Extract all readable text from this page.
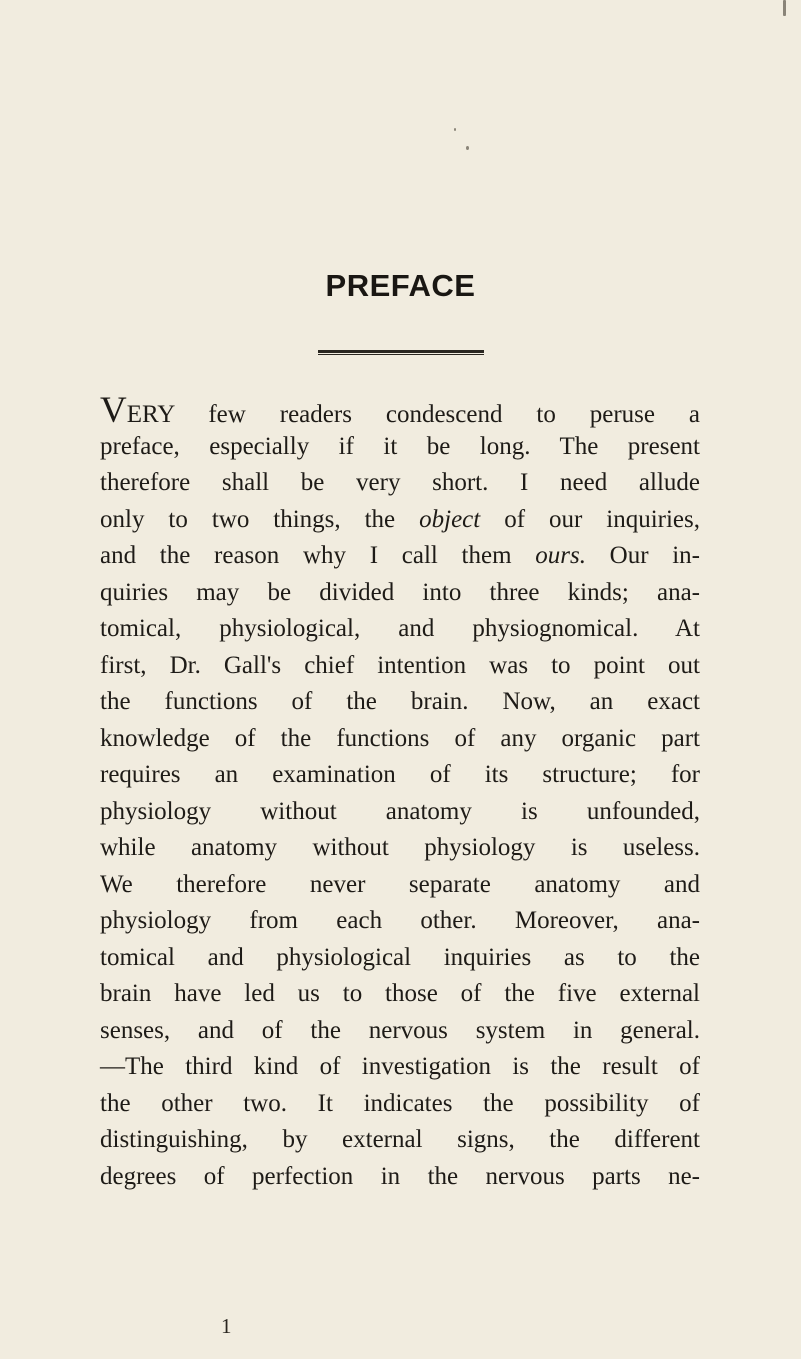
PREFACE
VERY few readers condescend to peruse a
preface, especially if it be long. The present
therefore shall be very short. I need allude
only to two things, the object of our inquiries,
and the reason why I call them ours. Our in-
quiries may be divided into three kinds; ana-
tomical, physiological, and physiognomical. At
first, Dr. Gall's chief intention was to point out
the functions of the brain. Now, an exact
knowledge of the functions of any organic part
requires an examination of its structure; for
physiology without anatomy is unfounded,
while anatomy without physiology is useless.
We therefore never separate anatomy and
physiology from each other. Moreover, ana-
tomical and physiological inquiries as to the
brain have led us to those of the five external
senses, and of the nervous system in general.
—The third kind of investigation is the result of
the other two. It indicates the possibility of
distinguishing, by external signs, the different
degrees of perfection in the nervous parts ne-
1
